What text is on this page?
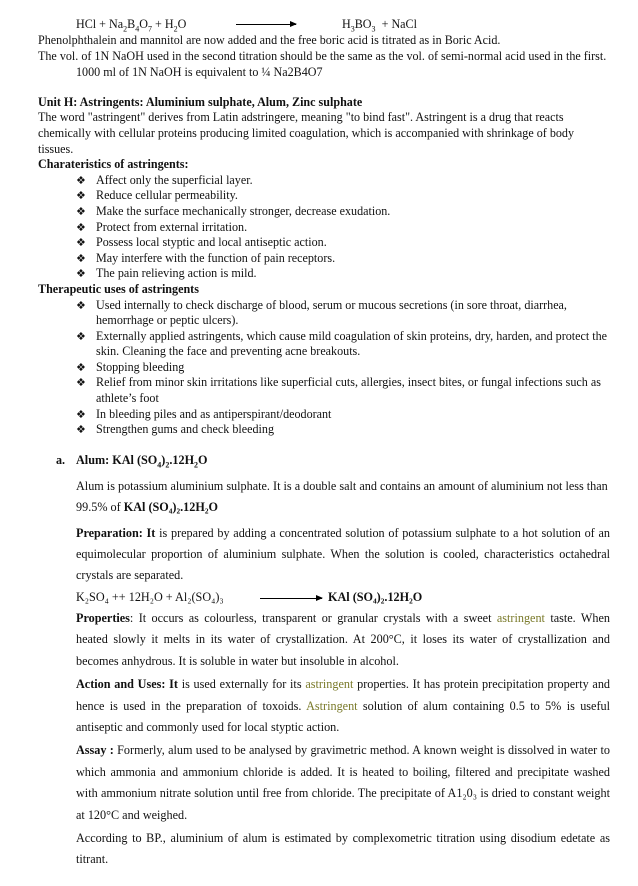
HCl + $Na_2B_4O_7 + H_2O$	$H_3BO_3$  + NaCl

Phenolphthalein and mannitol are now added and the free boric acid is titrated as in Boric Acid.

The vol. of 1N NaOH used in the second titration should be the same as the vol. of semi-normal acid used in the first.

1000 ml of 1N NaOH is equivalent to ¼ Na2B4O7

Unit H: Astringents: Aluminium sulphate, Alum, Zinc sulphate

The word "astringent" derives from Latin adstringere, meaning "to bind fast". Astringent is a drug that reacts chemically with cellular proteins producing limited coagulation, which is accompanied with shrinkage of body tissues.

Charateristics of astringents:

❖ Affect only the superficial layer.
❖ Reduce cellular permeability.
❖ Make the surface mechanically stronger, decrease exudation.
❖ Protect from external irritation.
❖ Possess local styptic and local antiseptic action.
❖ May interfere with the function of pain receptors.
❖ The pain relieving action is mild.

Therapeutic uses of astringents

❖ Used internally to check discharge of blood, serum or mucous secretions (in sore throat, diarrhea, hemorrhage or peptic ulcers).
❖ Externally applied astringents, which cause mild coagulation of skin proteins, dry, harden, and protect the skin. Cleaning the face and preventing acne breakouts.
❖ Stopping bleeding
❖ Relief from minor skin irritations like superficial cuts, allergies, insect bites, or fungal infections such as athlete’s foot
❖ In bleeding piles and as antiperspirant/deodorant
❖ Strengthen gums and check bleeding
a. Alum: KAl $(SO_4)_2.12H_2O$

Alum is potassium aluminium sulphate. It is a double salt and contains an amount of aluminium not less than 99.5% of KAl (SO₄)₂.12H₂O

Preparation: It is prepared by adding a concentrated solution of potassium sulphate to a hot solution of an equimolecular proportion of aluminium sulphate. When the solution is cooled, characteristics octahedral crystals are separated.

K₂SO₄ ++ 12H₂O + Al₂(SO₄)₃	KAl (SO₄)₂.12H₂O

Properties: It occurs as colourless, transparent or granular crystals with a sweet astringent taste. When heated slowly it melts in its water of crystallization. At 200°C, it loses its water of crystallization and becomes anhydrous. It is soluble in water but insoluble in alcohol.

Action and Uses: It is used externally for its astringent properties. It has protein precipitation property and hence is used in the preparation of toxoids. Astringent solution of alum containing 0.5 to 5% is useful antiseptic and commonly used for local styptic action.

Assay : Formerly, alum used to be analysed by gravimetric method. A known weight is dissolved in water to which ammonia and ammonium chloride is added. It is heated to boiling, filtered and precipitate washed with ammonium nitrate solution until free from chloride. The precipitate of A1₂0₃ is dried to constant weight at 120°C and weighed.

According to BP., aluminium of alum is estimated by complexometric titration using disodium edetate as titrant.
